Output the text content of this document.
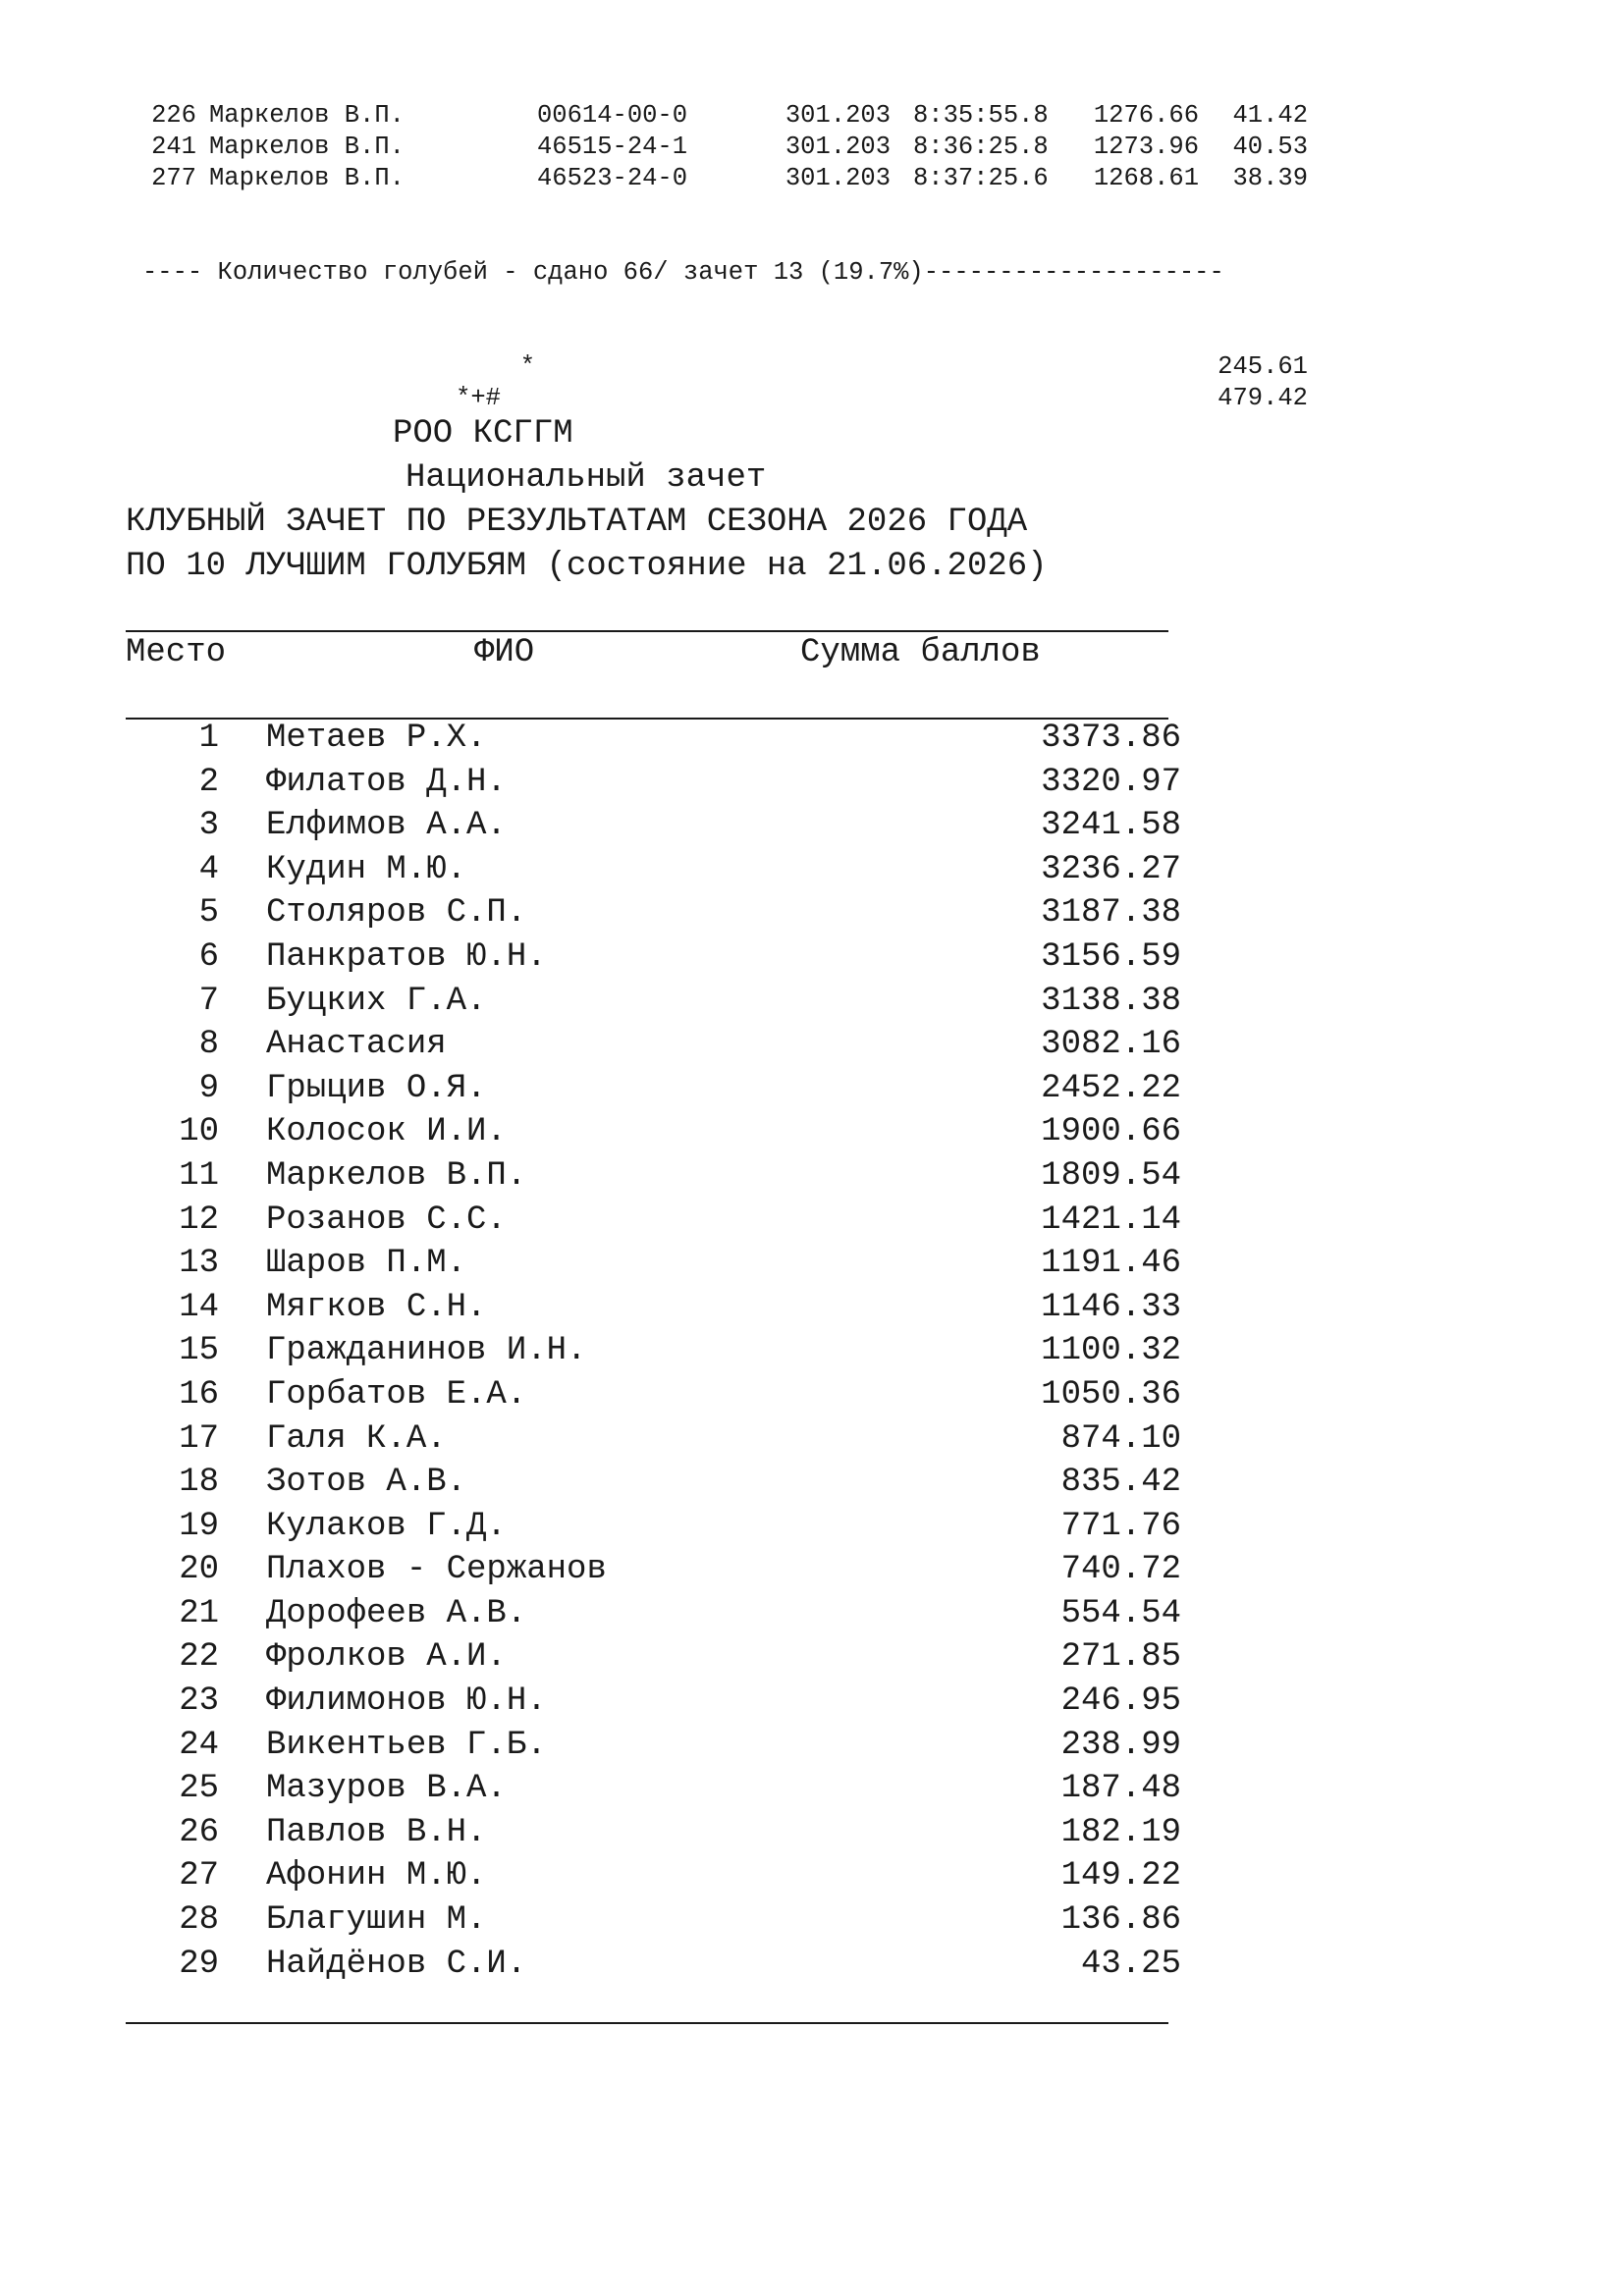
226 Маркелов В.П.	00614-00-0	301.203 8:35:55.8	1276.66	41.42
241 Маркелов В.П.	46515-24-1	301.203 8:36:25.8	1273.96	40.53
277 Маркелов В.П.	46523-24-0	301.203 8:37:25.6	1268.61	38.39

---- Количество голубей - сдано 66/ зачет 13 (19.7%)--------------------

*	245.61
*+#	479.42

РОО КСГГМ
Национальный зачет
КЛУБНЫЙ ЗАЧЕТ ПО РЕЗУЛЬТАТАМ СЕЗОНА 2026 ГОДА
ПО 10 ЛУЧШИМ ГОЛУБЯМ (состояние на 21.06.2026)
Место	ФИО	Сумма баллов
1 Метаев Р.Х.	3373.86
2 Филатов Д.Н.	3320.97
3 Елфимов А.А.	3241.58
4 Кудин М.Ю.	3236.27
5 Столяров С.П.	3187.38
6 Панкратов Ю.Н.	3156.59
7 Буцких Г.А.	3138.38
8 Анастасия	3082.16
9 Грыцив О.Я.	2452.22
10 Колосок И.И.	1900.66
11 Маркелов В.П.	1809.54
12 Розанов С.С.	1421.14
13 Шаров П.М.	1191.46
14 Мягков С.Н.	1146.33
15 Гражданинов И.Н.	1100.32
16 Горбатов Е.А.	1050.36
17 Галя К.А.	874.10
18 Зотов А.В.	835.42
19 Кулаков Г.Д.	771.76
20 Плахов - Сержанов	740.72
21 Дорофеев А.В.	554.54
22 Фролков А.И.	271.85
23 Филимонов Ю.Н.	246.95
24 Викентьев Г.Б.	238.99
25 Мазуров В.А.	187.48
26 Павлов В.Н.	182.19
27 Афонин М.Ю.	149.22
28 Благушин М.	136.86
29 Найдёнов С.И.	43.25
